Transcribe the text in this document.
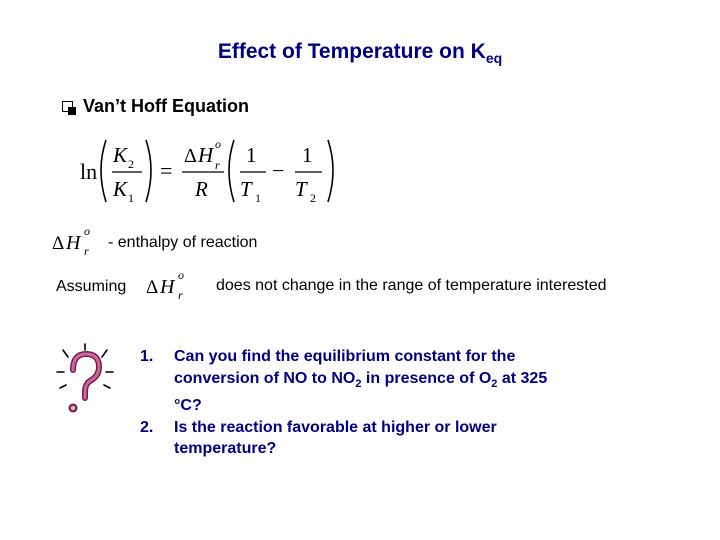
Effect of Temperature on $K_{eq}$
Van’t Hoff Equation
ln
K 2
K 1
=
Δ H o
r
R
1
T 1
−
1
T 2
Δ H
o
r - enthalpy of reaction
Assuming Δ H
o
r
does not change in the range of temperature interested
1.	Can you find the equilibrium constant for the conversion of NO to $NO_2$ in presence of $O_2$ at 325 °C?
2.	Is the reaction favorable at higher or lower temperature?
